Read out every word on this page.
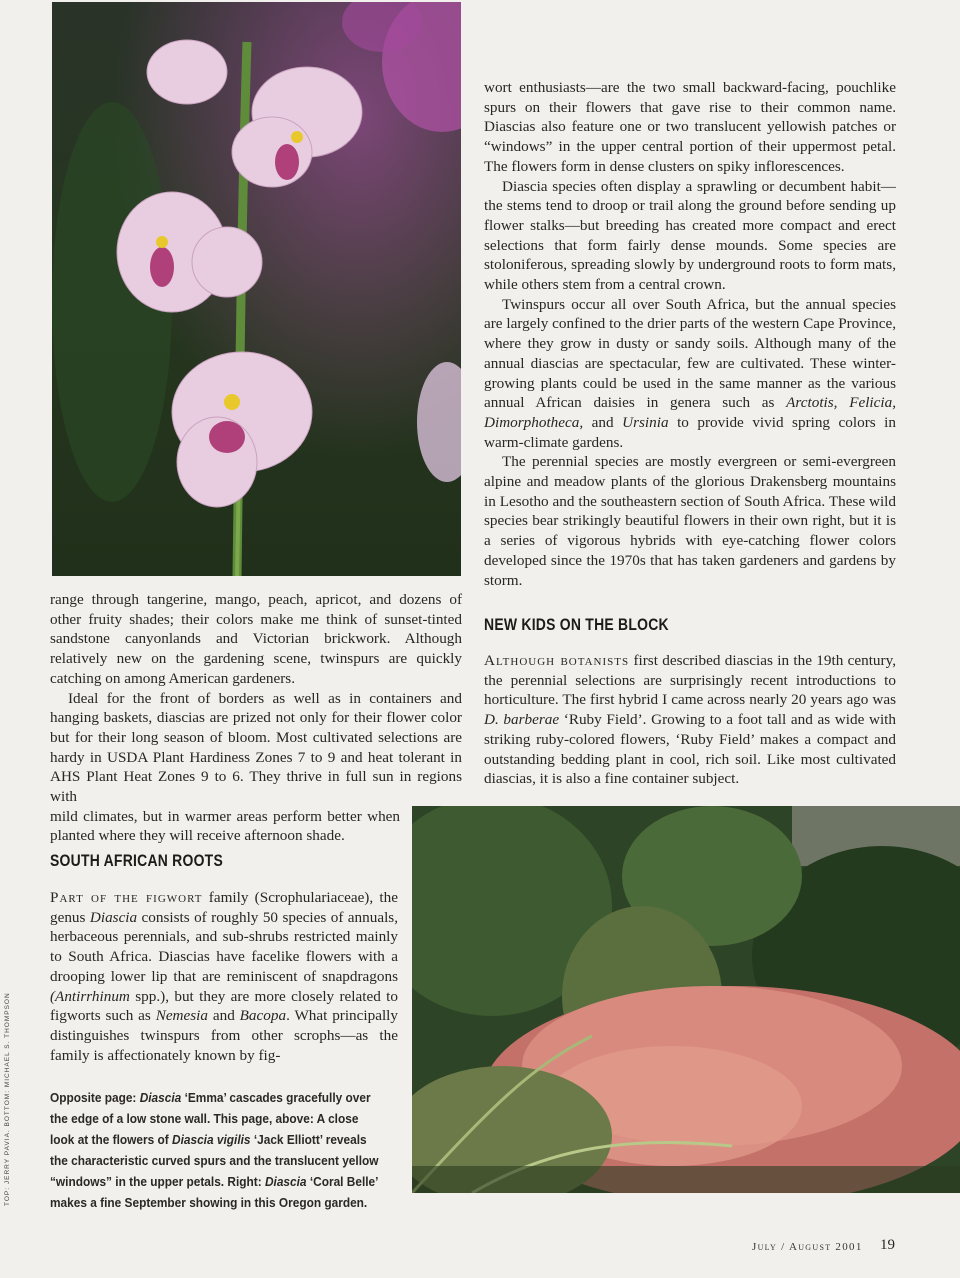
wort enthusiasts—are the two small backward-facing, pouchlike spurs on their flowers that gave rise to their common name. Diascias also feature one or two translucent yellowish patches or “windows” in the upper central portion of their uppermost petal. The flowers form in dense clusters on spiky inflorescences.

Diascia species often display a sprawling or decumbent habit—the stems tend to droop or trail along the ground before sending up flower stalks—but breeding has created more compact and erect selections that form fairly dense mounds. Some species are stoloniferous, spreading slowly by underground roots to form mats, while others stem from a central crown.

Twinspurs occur all over South Africa, but the annual species are largely confined to the drier parts of the western Cape Province, where they grow in dusty or sandy soils. Although many of the annual diascias are spectacular, few are cultivated. These winter-growing plants could be used in the same manner as the various annual African daisies in genera such as Arctotis, Felicia, Dimorphotheca, and Ursinia to provide vivid spring colors in warm-climate gardens.

The perennial species are mostly evergreen or semi-evergreen alpine and meadow plants of the glorious Drakensberg mountains in Lesotho and the southeastern section of South Africa. These wild species bear strikingly beautiful flowers in their own right, but it is a series of vigorous hybrids with eye-catching flower colors developed since the 1970s that has taken gardeners and gardens by storm.

NEW KIDS ON THE BLOCK

Although botanists first described diascias in the 19th century, the perennial selections are surprisingly recent introductions to horticulture. The first hybrid I came across nearly 20 years ago was D. barberae ‘Ruby Field’. Growing to a foot tall and as wide with striking ruby-colored flowers, ‘Ruby Field’ makes a compact and outstanding bedding plant in cool, rich soil. Like most cultivated diascias, it is also a fine container subject.

range through tangerine, mango, peach, apricot, and dozens of other fruity shades; their colors make me think of sunset-tinted sandstone canyonlands and Victorian brickwork. Although relatively new on the gardening scene, twinspurs are quickly catching on among American gardeners.

Ideal for the front of borders as well as in containers and hanging baskets, diascias are prized not only for their flower color but for their long season of bloom. Most cultivated selections are hardy in USDA Plant Hardiness Zones 7 to 9 and heat tolerant in AHS Plant Heat Zones 9 to 6. They thrive in full sun in regions with

mild climates, but in warmer areas perform better when planted where they will receive afternoon shade.

SOUTH AFRICAN ROOTS

Part of the figwort family (Scrophulariaceae), the genus Diascia consists of roughly 50 species of annuals, herbaceous perennials, and sub-shrubs restricted mainly to South Africa. Diascias have facelike flowers with a drooping lower lip that are reminiscent of snapdragons (Antirrhinum spp.), but they are more closely related to figworts such as Nemesia and Bacopa. What principally distinguishes twinspurs from other scrophs—as the family is affectionately known by fig-

Opposite page: Diascia ‘Emma’ cascades gracefully over
the edge of a low stone wall. This page, above: A close
look at the flowers of Diascia vigilis ‘Jack Elliott’ reveals
the characteristic curved spurs and the translucent yellow
“windows” in the upper petals. Right: Diascia ‘Coral Belle’
makes a fine September showing in this Oregon garden.
TOP: JERRY PAVIA. BOTTOM: MICHAEL S. THOMPSON
July / August 2001 19
